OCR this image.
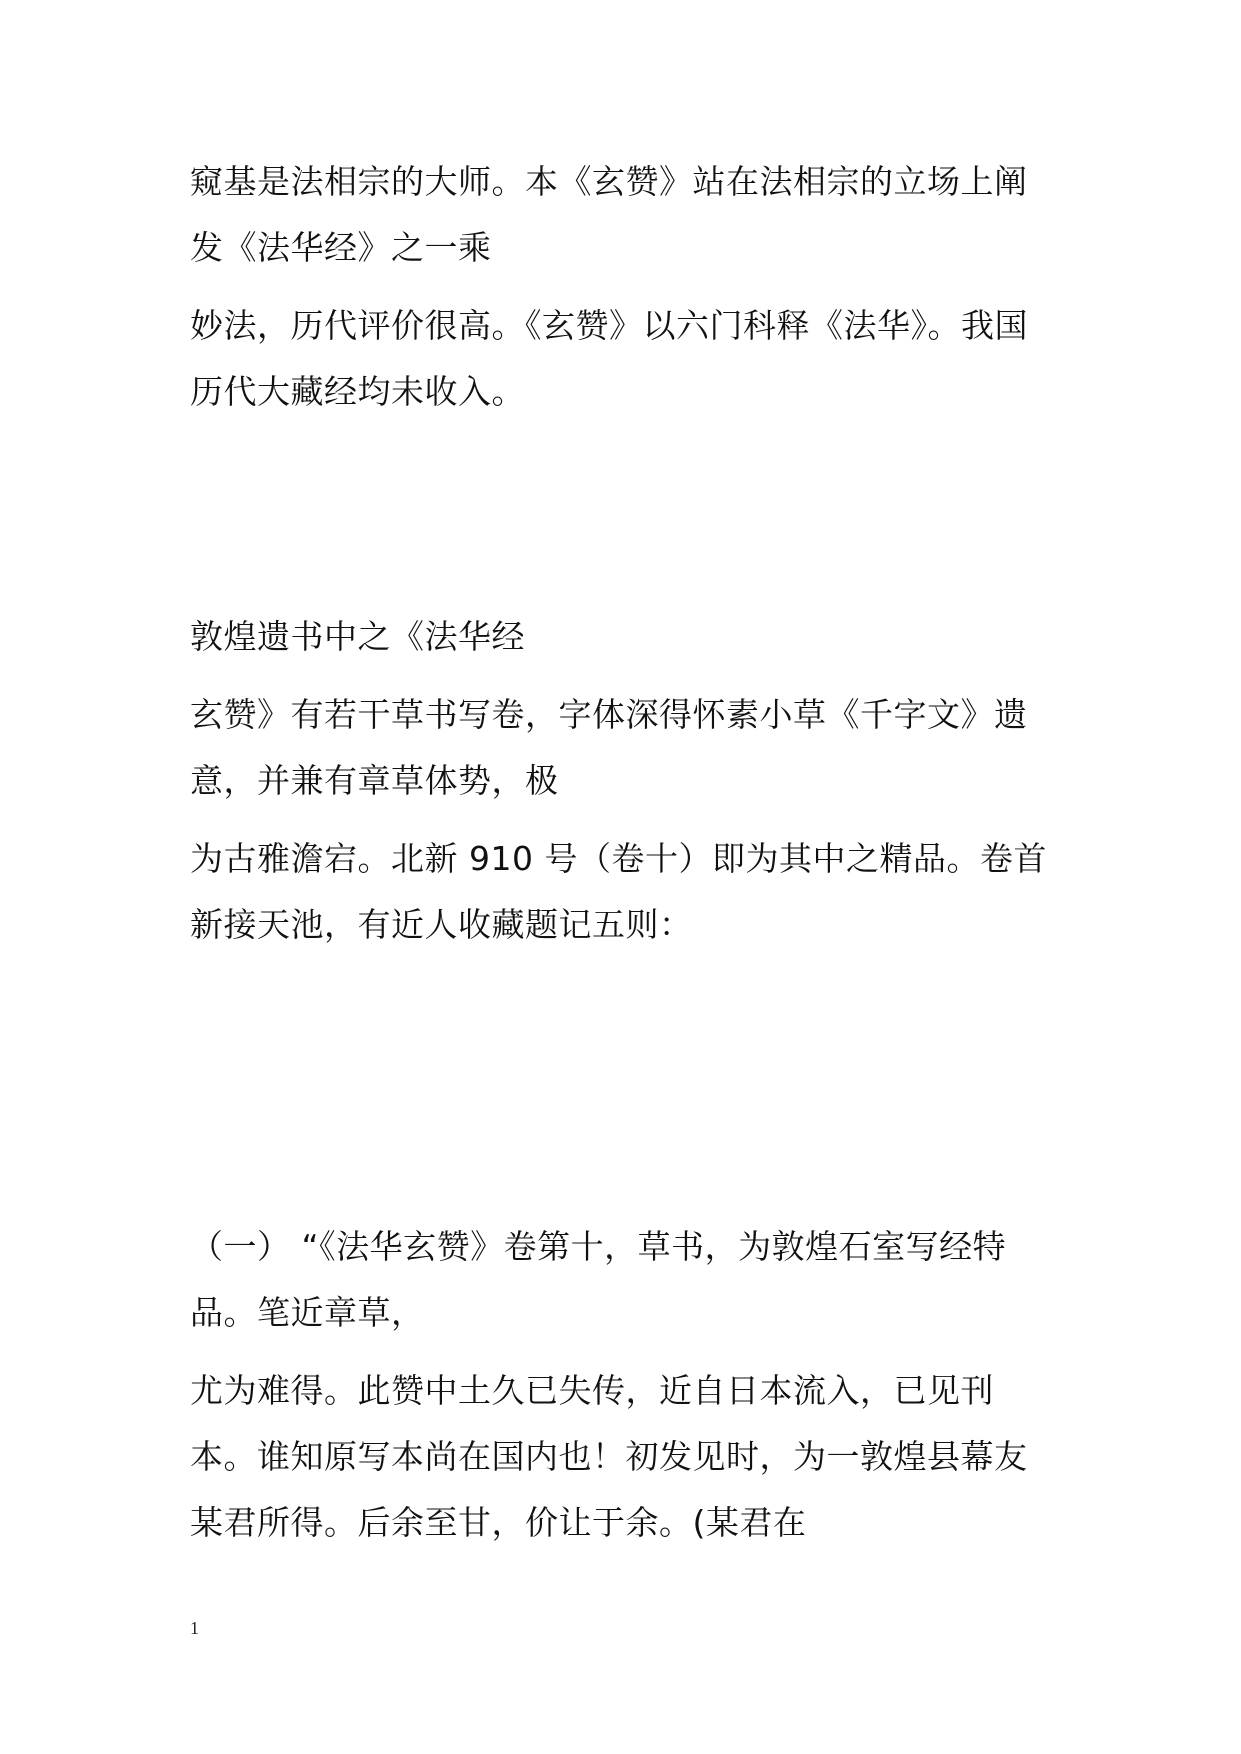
窥基是法相宗的大师。本《玄赞》站在法相宗的立场上阐
发《法华经》之一乘
妙法，历代评价很高。《玄赞》以六门科释《法华》。我国
历代大藏经均未收入。
敦煌遗书中之《法华经
玄赞》有若干草书写卷，字体深得怀素小草《千字文》遗
意，并兼有章草体势，极
为古雅澹宕。北新 910 号（卷十）即为其中之精品。卷首
新接天池，有近人收藏题记五则：
（一） “《法华玄赞》卷第十，草书，为敦煌石室写经特
品。笔近章草，
尤为难得。此赞中土久已失传，近自日本流入，已见刊
本。谁知原写本尚在国内也！初发见时，为一敦煌县幕友
某君所得。后余至甘，价让于余。(某君在
1
